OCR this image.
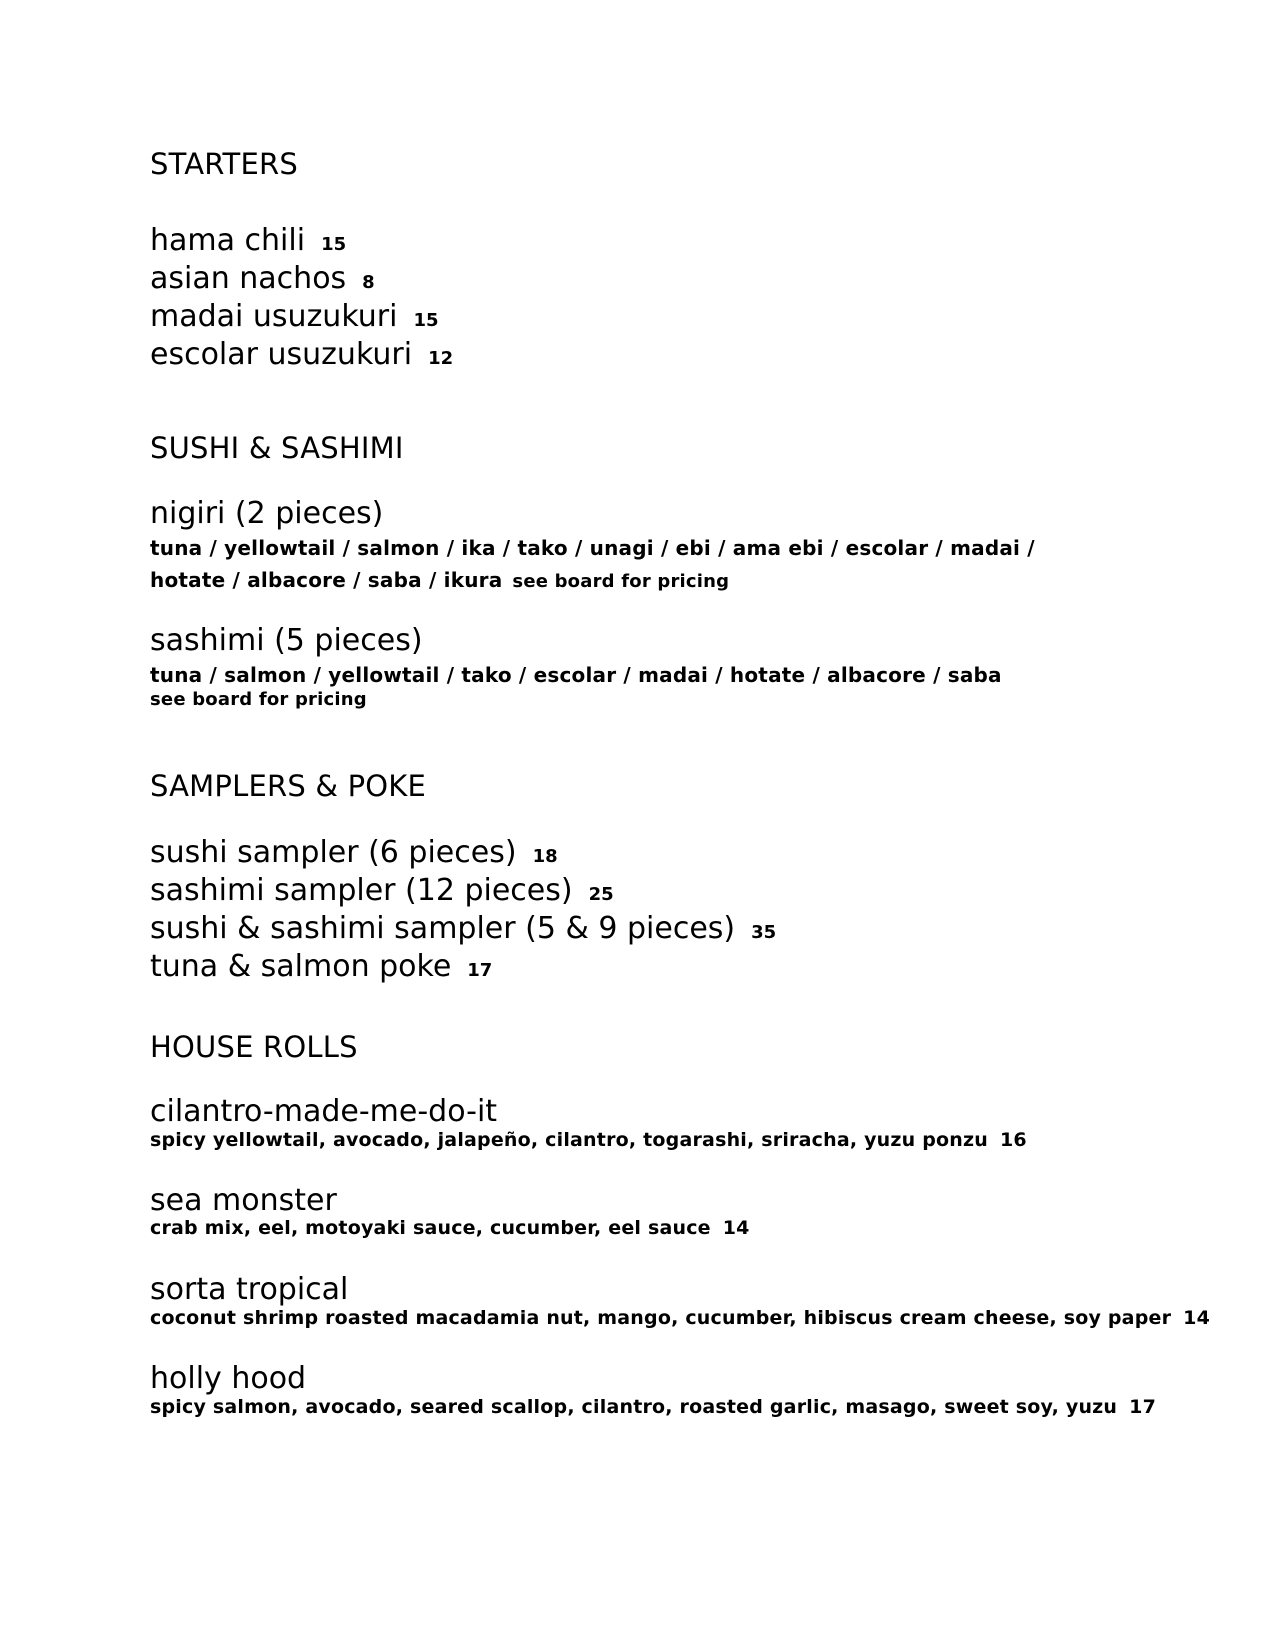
STARTERS
hama chili 15
asian nachos 8
madai usuzukuri 15
escolar usuzukuri 12
SUSHI & SASHIMI
nigiri (2 pieces)
tuna / yellowtail / salmon / ika / tako / unagi / ebi / ama ebi / escolar / madai /
hotate / albacore / saba / ikura see board for pricing
sashimi (5 pieces)
tuna / salmon / yellowtail / tako / escolar / madai / hotate / albacore / saba
see board for pricing
SAMPLERS & POKE
sushi sampler (6 pieces) 18
sashimi sampler (12 pieces) 25
sushi & sashimi sampler (5 & 9 pieces) 35
tuna & salmon poke 17
HOUSE ROLLS
cilantro-made-me-do-it
spicy yellowtail, avocado, jalapeño, cilantro, togarashi, sriracha, yuzu ponzu 16
sea monster
crab mix, eel, motoyaki sauce, cucumber, eel sauce 14
sorta tropical
coconut shrimp roasted macadamia nut, mango, cucumber, hibiscus cream cheese, soy paper 14
holly hood
spicy salmon, avocado, seared scallop, cilantro, roasted garlic, masago, sweet soy, yuzu 17
